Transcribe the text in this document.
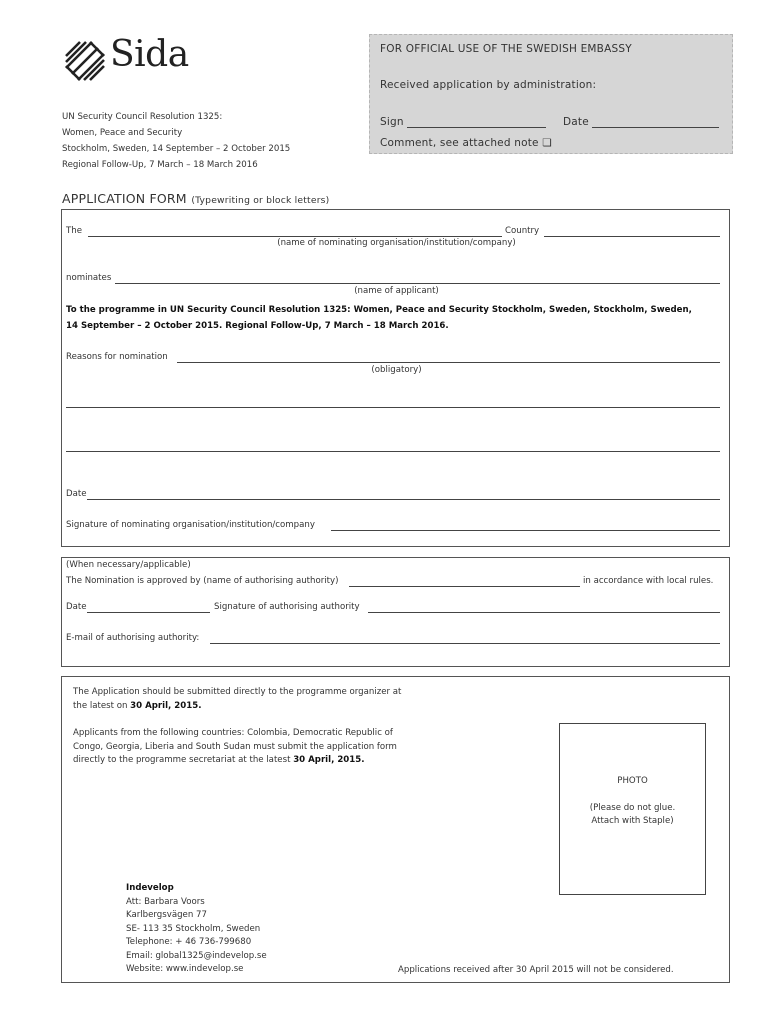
Sida	FOR OFFICIAL USE OF THE SWEDISH EMBASSY
Received application by administration:
Sign	Date
Comment, see attached note ❏
UN Security Council Resolution 1325:
Women, Peace and Security
Stockholm, Sweden, 14 September – 2 October 2015
Regional Follow-Up, 7 March – 18 March 2016
APPLICATION FORM (Typewriting or block letters)
The	Country
(name of nominating organisation/institution/company)
nominates
(name of applicant)
To the programme in UN Security Council Resolution 1325: Women, Peace and Security Stockholm, Sweden, Stockholm, Sweden,
14 September – 2 October 2015. Regional Follow-Up, 7 March – 18 March 2016.
Reasons for nomination
(obligatory)
Date
Signature of nominating organisation/institution/company
(When necessary/applicable)
The Nomination is approved by (name of authorising authority)	in accordance with local rules.
Date	Signature of authorising authority
E-mail of authorising authority:
The Application should be submitted directly to the programme organizer at
the latest on 30 April, 2015.
Applicants from the following countries: Colombia, Democratic Republic of
Congo, Georgia, Liberia and South Sudan must submit the application form
directly to the programme secretariat at the latest 30 April, 2015.
Indevelop
Att: Barbara Voors
Karlbergsvägen 77
SE- 113 35 Stockholm, Sweden
Telephone: + 46 736-799680
Email: global1325@indevelop.se
Website: www.indevelop.se	Applications received after 30 April 2015 will not be considered.
PHOTO
(Please do not glue.
Attach with Staple)
